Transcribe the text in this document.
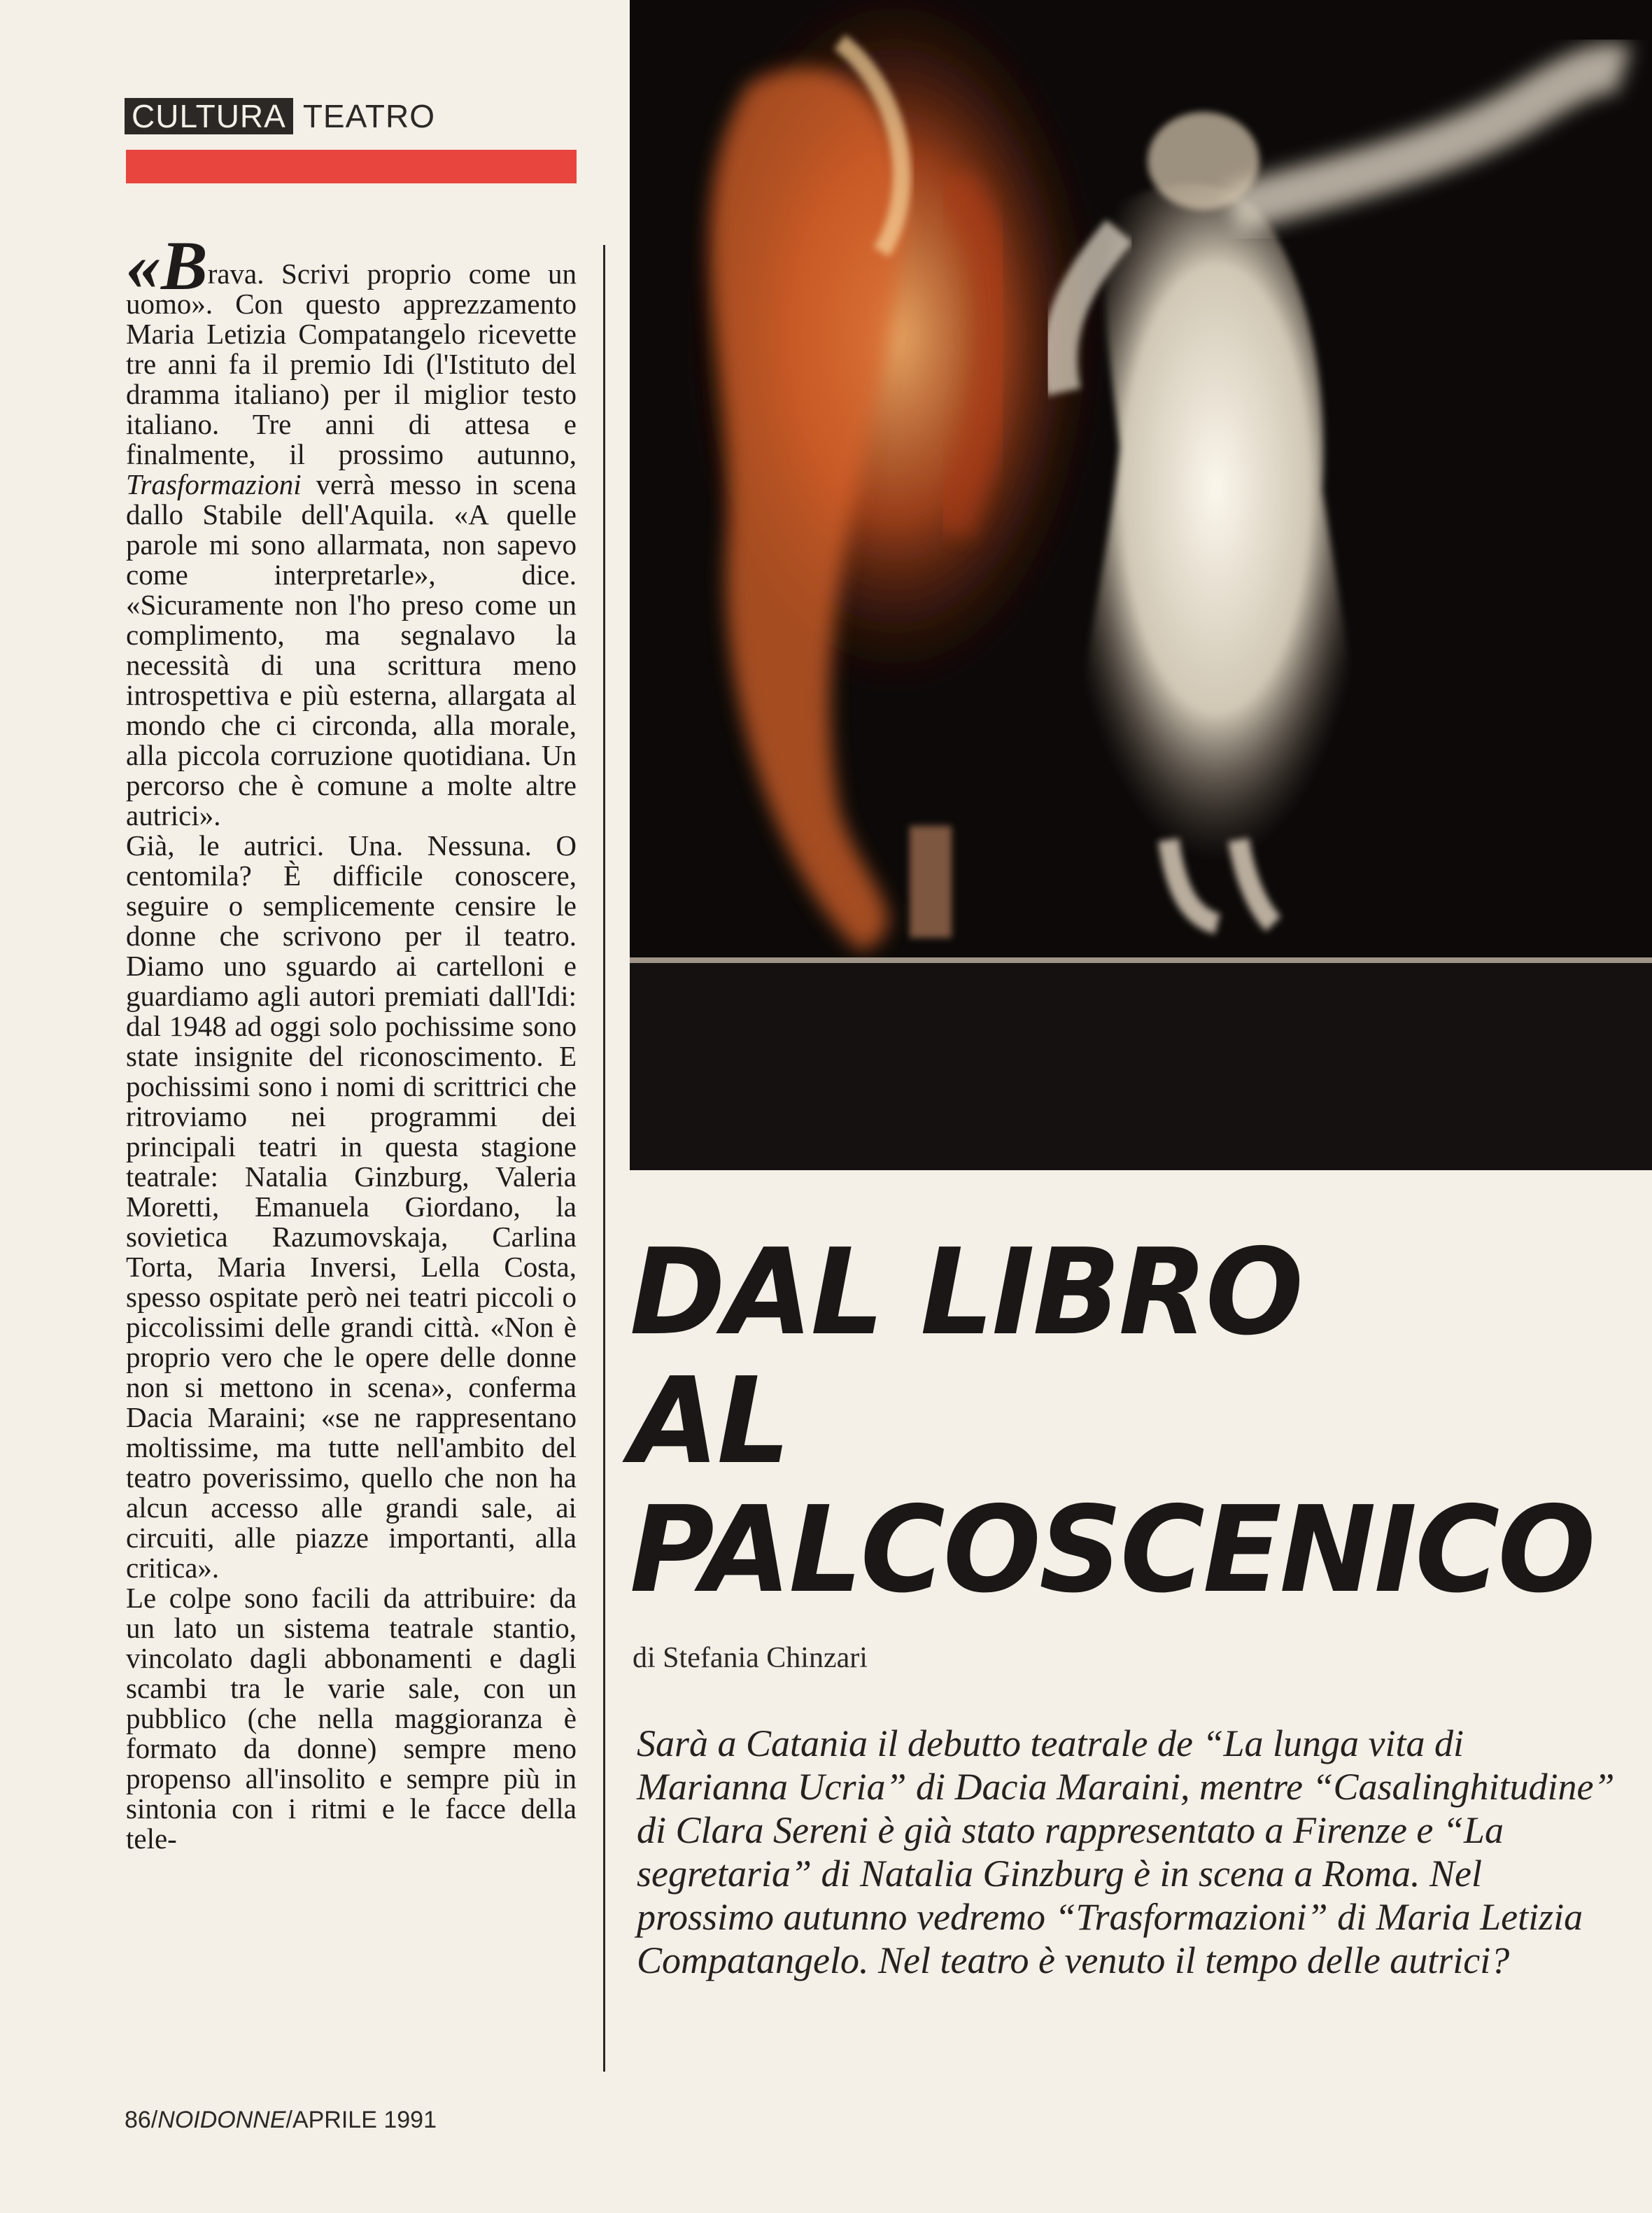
CULTURA TEATRO

«Brava. Scrivi proprio come un uomo». Con questo apprezzamento Maria Letizia Compatangelo ricevette tre anni fa il premio Idi (l'Istituto del dramma italiano) per il miglior testo italiano. Tre anni di attesa e finalmente, il prossimo autunno, Trasformazioni verrà messo in scena dallo Stabile dell'Aquila. «A quelle parole mi sono allarmata, non sapevo come interpretarle», dice. «Sicuramente non l'ho preso come un complimento, ma segnalavo la necessità di una scrittura meno introspettiva e più esterna, allargata al mondo che ci circonda, alla morale, alla piccola corruzione quotidiana. Un percorso che è comune a molte altre autrici».

Già, le autrici. Una. Nessuna. O centomila? È difficile conoscere, seguire o semplicemente censire le donne che scrivono per il teatro. Diamo uno sguardo ai cartelloni e guardiamo agli autori premiati dall'Idi: dal 1948 ad oggi solo pochissime sono state insignite del riconoscimento. E pochissimi sono i nomi di scrittrici che ritroviamo nei programmi dei principali teatri in questa stagione teatrale: Natalia Ginzburg, Valeria Moretti, Emanuela Giordano, la sovietica Razumovskaja, Carlina Torta, Maria Inversi, Lella Costa, spesso ospitate però nei teatri piccoli o piccolissimi delle grandi città. «Non è proprio vero che le opere delle donne non si mettono in scena», conferma Dacia Maraini; «se ne rappresentano moltissime, ma tutte nell'ambito del teatro poverissimo, quello che non ha alcun accesso alle grandi sale, ai circuiti, alle piazze importanti, alla critica».

Le colpe sono facili da attribuire: da un lato un sistema teatrale stantio, vincolato dagli abbonamenti e dagli scambi tra le varie sale, con un pubblico (che nella maggioranza è formato da donne) sempre meno propenso all'insolito e sempre più in sintonia con i ritmi e le facce della tele-

DAL LIBRO
AL
PALCOSCENICO
di Stefania Chinzari
Sarà a Catania il debutto teatrale de “La lunga vita di Marianna Ucria” di Dacia Maraini, mentre “Casalinghitudine” di Clara Sereni è già stato rappresentato a Firenze e “La segretaria” di Natalia Ginzburg è in scena a Roma. Nel prossimo autunno vedremo “Trasformazioni” di Maria Letizia Compatangelo. Nel teatro è venuto il tempo delle autrici?
86/NOIDONNE/APRILE 1991
